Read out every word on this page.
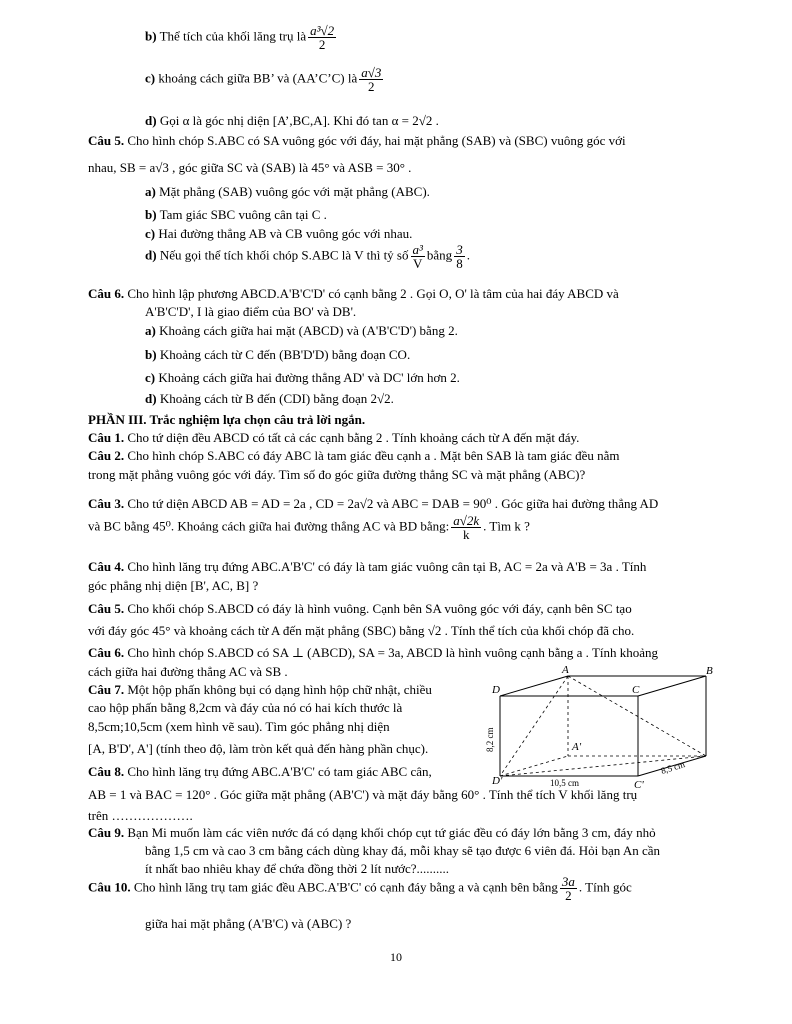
b) Thể tích của khối lăng trụ là $\frac{\text{a³√2}}{2}$
c) khoảng cách giữa BB’ và (AA’C’C) là $\frac{a√3}{2}$
d) Gọi α là góc nhị diện [A’,BC,A]. Khi đó tan α = 2√2 .
Câu 5. Cho hình chóp S.ABC có SA vuông góc với đáy, hai mặt phẳng (SAB) và (SBC) vuông góc với
nhau, SB = a√3 , góc giữa SC và (SAB) là 45° và ASB = 30° .
a) Mặt phẳng (SAB) vuông góc với mặt phẳng (ABC).
b) Tam giác SBC vuông cân tại C .
c) Hai đường thẳng AB và CB vuông góc với nhau.
d) Nếu gọi thể tích khối chóp S.ABC là V thì tỷ số $\frac{\text{a³}}{V}$ bằng $\frac{3}{8}$ .
Câu 6. Cho hình lập phương ABCD.A'B'C'D' có cạnh bằng 2 . Gọi O, O' là tâm của hai đáy ABCD và
A'B'C'D', I là giao điểm của BO' và DB'.
a) Khoảng cách giữa hai mặt (ABCD) và (A'B'C'D') bằng 2.
b) Khoảng cách từ C đến (BB'D'D) bằng đoạn CO.
c) Khoảng cách giữa hai đường thẳng AD' và DC' lớn hơn 2.
d) Khoảng cách từ B đến (CDI) bằng đoạn 2√2.
PHẦN III. Trắc nghiệm lựa chọn câu trả lời ngắn.
Câu 1. Cho tứ diện đều ABCD có tất cả các cạnh bằng 2 . Tính khoảng cách từ A đến mặt đáy.
Câu 2. Cho hình chóp S.ABC có đáy ABC là tam giác đều cạnh a . Mặt bên SAB là tam giác đều nằm
trong mặt phẳng vuông góc với đáy. Tìm số đo góc giữa đường thẳng SC và mặt phẳng (ABC)?
Câu 3. Cho tứ diện ABCD AB = AD = 2a , CD = 2a√2 và ABC = DAB = 90⁰ . Góc giữa hai đường thẳng AD
và BC bằng 45⁰. Khoảng cách giữa hai đường thẳng AC và BD bằng: $\frac{a√2k}{k}$ . Tìm k ?
Câu 4. Cho hình lăng trụ đứng ABC.A'B'C' có đáy là tam giác vuông cân tại B, AC = 2a và A'B = 3a . Tính
góc phẳng nhị diện [B', AC, B] ?
Câu 5. Cho khối chóp S.ABCD có đáy là hình vuông. Cạnh bên SA vuông góc với đáy, cạnh bên SC tạo
với đáy góc 45° và khoảng cách từ A đến mặt phẳng (SBC) bằng √2 . Tính thể tích của khối chóp đã cho.
Câu 6. Cho hình chóp S.ABCD có SA ⊥ (ABCD), SA = 3a, ABCD là hình vuông cạnh bằng a . Tính khoảng
cách giữa hai đường thẳng AC và SB .
Câu 7. Một hộp phấn không bụi có dạng hình hộp chữ nhật, chiều
cao hộp phấn bằng 8,2cm và đáy của nó có hai kích thước là
8,5cm;10,5cm (xem hình vẽ sau). Tìm góc phẳng nhị diện
[A, B'D', A'] (tính theo độ, làm tròn kết quả đến hàng phần chục).
Câu 8. Cho hình lăng trụ đứng ABC.A'B'C' có tam giác ABC cân,
AB = 1 và BAC = 120° . Góc giữa mặt phẳng (AB'C') và mặt đáy bằng 60° . Tính thể tích V khối lăng trụ
trên ……………….
Câu 9. Bạn Mi muốn làm các viên nước đá có dạng khối chóp cụt tứ giác đều có đáy lớn bằng 3 cm, đáy nhỏ
bằng 1,5 cm và cao 3 cm bằng cách dùng khay đá, mỗi khay sẽ tạo được 6 viên đá. Hỏi bạn An cần
ít nhất bao nhiêu khay để chứa đồng thời 2 lít nước?..........
Câu 10. Cho hình lăng trụ tam giác đều ABC.A'B'C' có cạnh đáy bằng a và cạnh bên bằng $\frac{3a}{2}$ . Tính góc
giữa hai mặt phẳng (A'B'C) và (ABC) ?
A	B
C
D
A'
D'	C'
8,2 cm
10,5 cm
8,5 cm
10
